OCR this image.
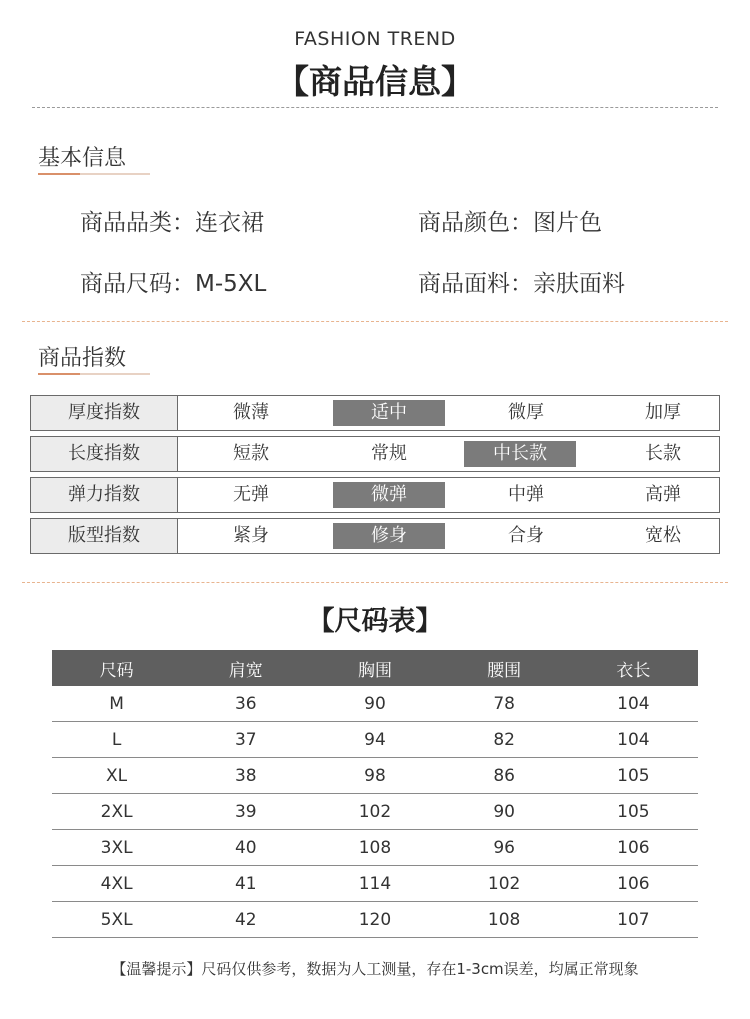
FASHION TREND
【商品信息】
基本信息
商品品类：连衣裙	商品颜色：图片色
商品尺码：M-5XL	商品面料：亲肤面料
商品指数
厚度指数	微薄	适中	微厚	加厚
长度指数	短款	常规	中长款	长款
弹力指数	无弹	微弹	中弹	高弹
版型指数	紧身	修身	合身	宽松
【尺码表】
尺码	肩宽	胸围	腰围	衣长
M	36	90	78	104
L	37	94	82	104
XL	38	98	86	105
2XL	39	102	90	105
3XL	40	108	96	106
4XL	41	114	102	106
5XL	42	120	108	107
【温馨提示】尺码仅供参考，数据为人工测量，存在1-3cm误差，均属正常现象
